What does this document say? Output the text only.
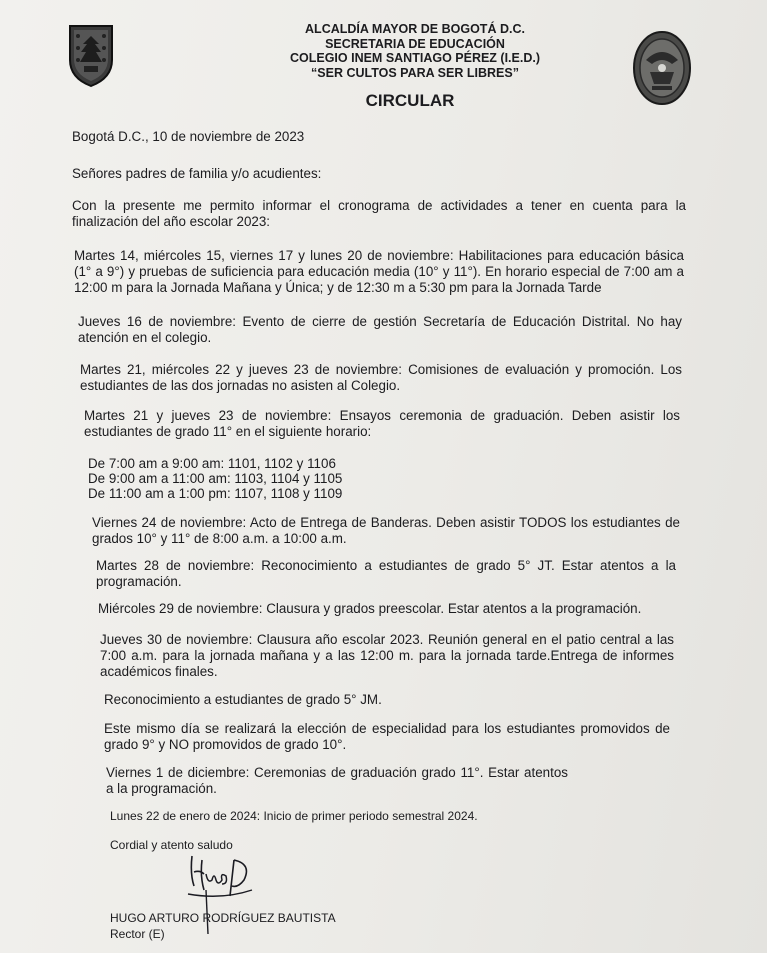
ALCALDÍA MAYOR DE BOGOTÁ D.C.
SECRETARIA DE EDUCACIÓN
COLEGIO INEM SANTIAGO PÉREZ (I.E.D.)
“SER CULTOS PARA SER LIBRES”
CIRCULAR

Bogotá D.C., 10 de noviembre de 2023

Señores padres de familia y/o acudientes:

Con la presente me permito informar el cronograma de actividades a tener en cuenta para la finalización del año escolar 2023:

Martes 14, miércoles 15, viernes 17 y lunes 20 de noviembre: Habilitaciones para educación básica (1° a 9°) y pruebas de suficiencia para educación media (10° y 11°). En horario especial de 7:00 am a 12:00 m para la Jornada Mañana y Única; y de 12:30 m a 5:30 pm para la Jornada Tarde

Jueves 16 de noviembre: Evento de cierre de gestión Secretaría de Educación Distrital. No hay atención en el colegio.

Martes 21, miércoles 22 y jueves 23 de noviembre: Comisiones de evaluación y promoción. Los estudiantes de las dos jornadas no asisten al Colegio.

Martes 21 y jueves 23 de noviembre: Ensayos ceremonia de graduación. Deben asistir los estudiantes de grado 11° en el siguiente horario:

De 7:00 am a 9:00 am: 1101, 1102 y 1106

De 9:00 am a 11:00 am: 1103, 1104 y 1105

De 11:00 am a 1:00 pm: 1107, 1108 y 1109

Viernes 24 de noviembre: Acto de Entrega de Banderas. Deben asistir TODOS los estudiantes de grados 10° y 11° de 8:00 a.m. a 10:00 a.m.

Martes 28 de noviembre: Reconocimiento a estudiantes de grado 5° JT. Estar atentos a la programación.

Miércoles 29 de noviembre: Clausura y grados preescolar. Estar atentos a la programación.

Jueves 30 de noviembre: Clausura año escolar 2023. Reunión general en el patio central a las 7:00 a.m. para la jornada mañana y a las 12:00 m. para la jornada tarde.Entrega de informes académicos finales.

Reconocimiento a estudiantes de grado 5° JM.

Este mismo día se realizará la elección de especialidad para los estudiantes promovidos de grado 9° y NO promovidos de grado 10°.

Viernes 1 de diciembre: Ceremonias de graduación grado 11°. Estar atentos a la programación.

Lunes 22 de enero de 2024: Inicio de primer periodo semestral 2024.

Cordial y atento saludo

HUGO ARTURO RODRÍGUEZ BAUTISTA

Rector (E)
